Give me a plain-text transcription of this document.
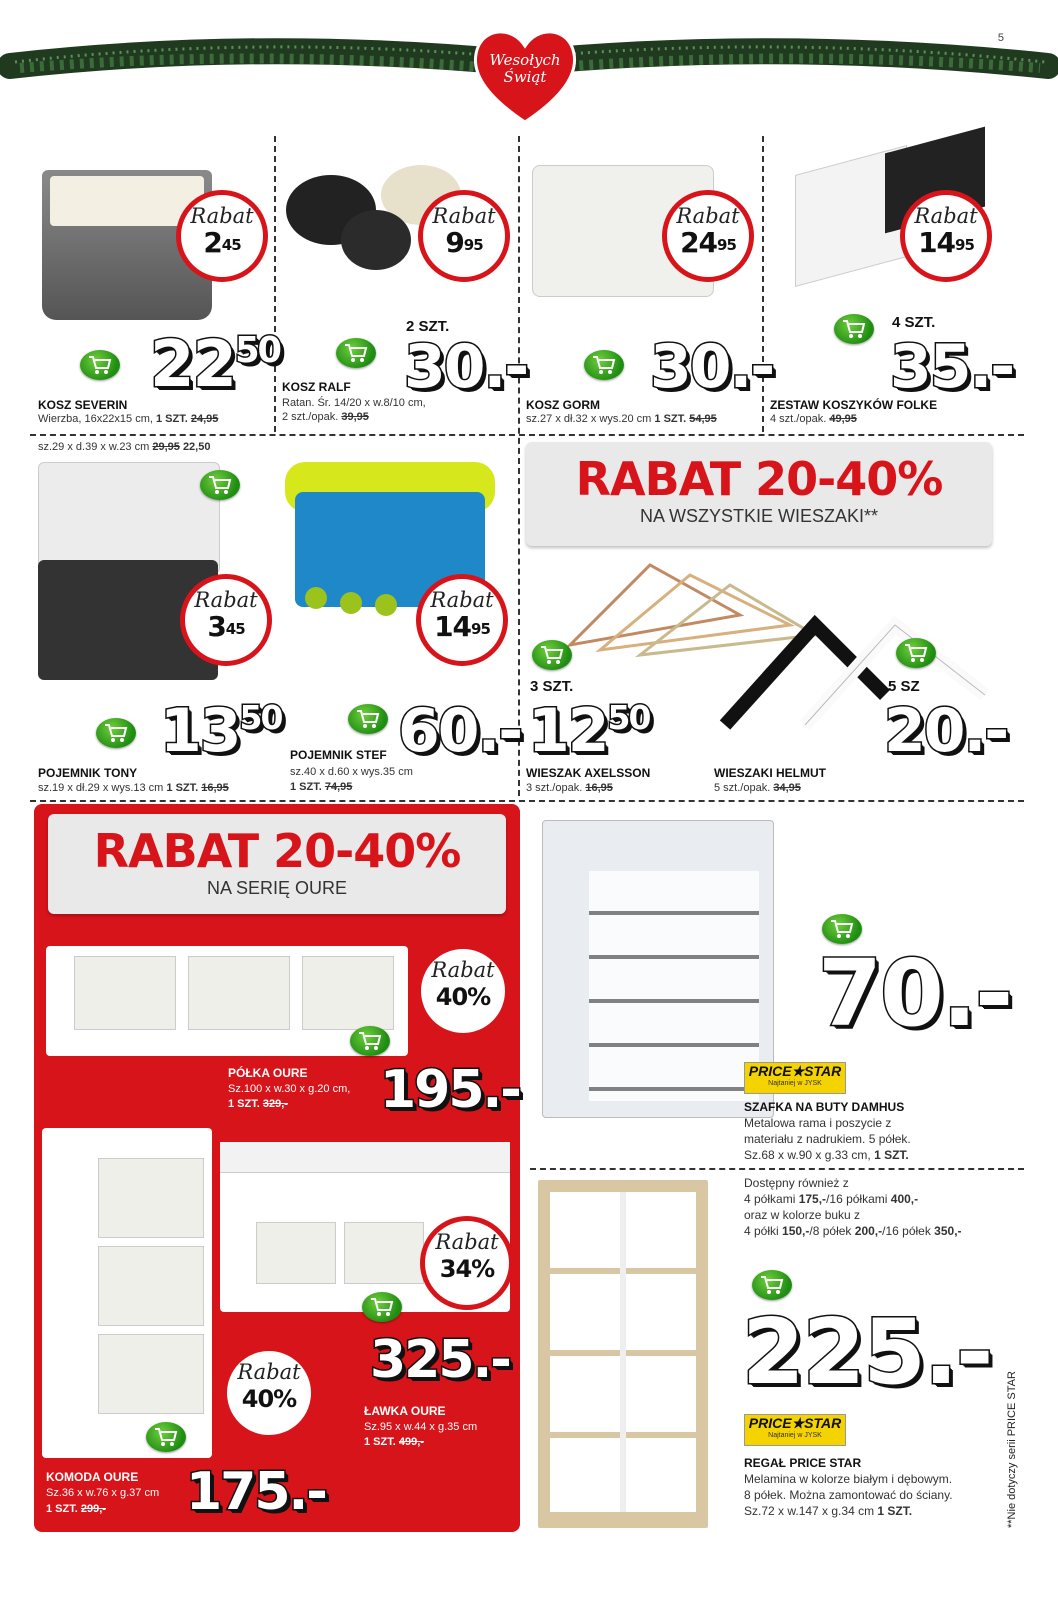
Wesołych
Świąt
5
Rabat
$2^{45}$
Rabat
$9^{95}$
Rabat
$24^{95}$
Rabat
$14^{95}$
Rabat
$3^{45}$
Rabat
$14^{95}$
$22^{50}$
2 SZT.
30.- 30.-
4 SZT.
35.-
KOSZ SEVERIN
Wierzba, 16x22x15 cm, 1 SZT. 24,95
sz.29 x d.39 x w.23 cm 29,95 22,50
KOSZ RALF
Ratan. Śr. 14/20 x w.8/10 cm,
2 szt./opak. 39,95
KOSZ GORM
sz.27 x dł.32 x wys.20 cm 1 SZT. 54,95
ZESTAW KOSZYKÓW FOLKE
4 szt./opak. 49,95
$13^{50}$
POJEMNIK TONY
sz.19 x dł.29 x wys.13 cm 1 SZT. 16,95
60.-
POJEMNIK STEF
sz.40 x d.60 x wys.35 cm
1 SZT. 74,95
3 SZT.
$12^{50}$
WIESZAK AXELSSON
3 szt./opak. 16,95
5 SZ
20.-
WIESZAKI HELMUT
5 szt./opak. 34,95
RABAT 20-40%
NA WSZYSTKIE WIESZAKI**
RABAT 20-40%
NA SERIĘ OURE
Rabat
40%
PÓŁKA OURE
Sz.100 x w.30 x g.20 cm,
1 SZT. 329,- 195.-
Rabat
34%
325.-
ŁAWKA OURE
Sz.95 x w.44 x g.35 cm
1 SZT. 499,-
Rabat
40%
KOMODA OURE
Sz.36 x w.76 x g.37 cm
1 SZT. 299,- 175.-
70.-
PRICE★STAR
Najtaniej w JYSK
SZAFKA NA BUTY DAMHUS
Metalowa rama i poszycie z
materiału z nadrukiem. 5 półek.
Sz.68 x w.90 x g.33 cm, 1 SZT.
Dostępny również z
4 półkami 175,-/16 półkami 400,-
oraz w kolorze buku z
4 półki 150,-/8 półek 200,-/16 półek 350,-
225.-
PRICE★STAR
Najtaniej w JYSK
REGAŁ PRICE STAR
Melamina w kolorze białym i dębowym.
8 półek. Można zamontować do ściany.
Sz.72 x w.147 x g.34 cm 1 SZT.	**Nie dotyczy serii PRICE STAR
